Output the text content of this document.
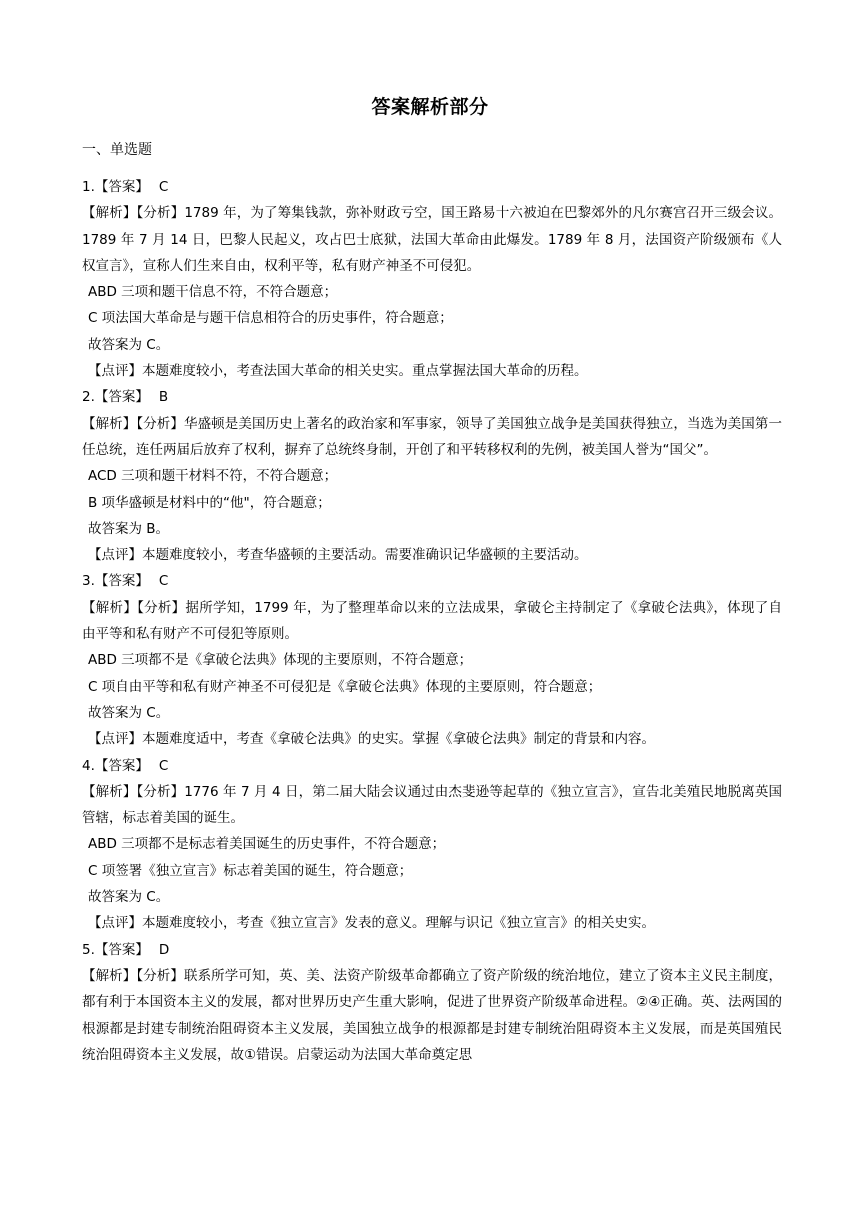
答案解析部分
一、单选题
1.【答案】 C
【解析】【分析】1789 年，为了筹集钱款，弥补财政亏空，国王路易十六被迫在巴黎郊外的凡尔赛宫召开三级会议。1789 年 7 月 14 日，巴黎人民起义，攻占巴士底狱，法国大革命由此爆发。1789 年 8 月，法国资产阶级颁布《人权宣言》，宣称人们生来自由，权利平等，私有财产神圣不可侵犯。
ABD 三项和题干信息不符，不符合题意；
C 项法国大革命是与题干信息相符合的历史事件，符合题意；
故答案为 C。
【点评】本题难度较小，考查法国大革命的相关史实。重点掌握法国大革命的历程。
2.【答案】 B
【解析】【分析】华盛顿是美国历史上著名的政治家和军事家，领导了美国独立战争是美国获得独立，当选为美国第一任总统，连任两届后放弃了权利，摒弃了总统终身制，开创了和平转移权利的先例，被美国人誉为“国父”。
ACD 三项和题干材料不符，不符合题意；
B 项华盛顿是材料中的“他"，符合题意；
故答案为 B。
【点评】本题难度较小，考查华盛顿的主要活动。需要准确识记华盛顿的主要活动。
3.【答案】 C
【解析】【分析】据所学知，1799 年，为了整理革命以来的立法成果，拿破仑主持制定了《拿破仑法典》，体现了自由平等和私有财产不可侵犯等原则。
ABD 三项都不是《拿破仑法典》体现的主要原则，不符合题意；
C 项自由平等和私有财产神圣不可侵犯是《拿破仑法典》体现的主要原则，符合题意；
故答案为 C。
【点评】本题难度适中，考查《拿破仑法典》的史实。掌握《拿破仑法典》制定的背景和内容。
4.【答案】 C
【解析】【分析】1776 年 7 月 4 日，第二届大陆会议通过由杰斐逊等起草的《独立宣言》，宣告北美殖民地脱离英国管辖，标志着美国的诞生。
ABD 三项都不是标志着美国诞生的历史事件，不符合题意；
C 项签署《独立宣言》标志着美国的诞生，符合题意；
故答案为 C。
【点评】本题难度较小，考查《独立宣言》发表的意义。理解与识记《独立宣言》的相关史实。
5.【答案】 D
【解析】【分析】联系所学可知，英、美、法资产阶级革命都确立了资产阶级的统治地位，建立了资本主义民主制度，都有利于本国资本主义的发展，都对世界历史产生重大影响，促进了世界资产阶级革命进程。②④正确。英、法两国的根源都是封建专制统治阻碍资本主义发展，美国独立战争的根源都是封建专制统治阻碍资本主义发展，而是英国殖民统治阻碍资本主义发展，故①错误。启蒙运动为法国大革命奠定思
